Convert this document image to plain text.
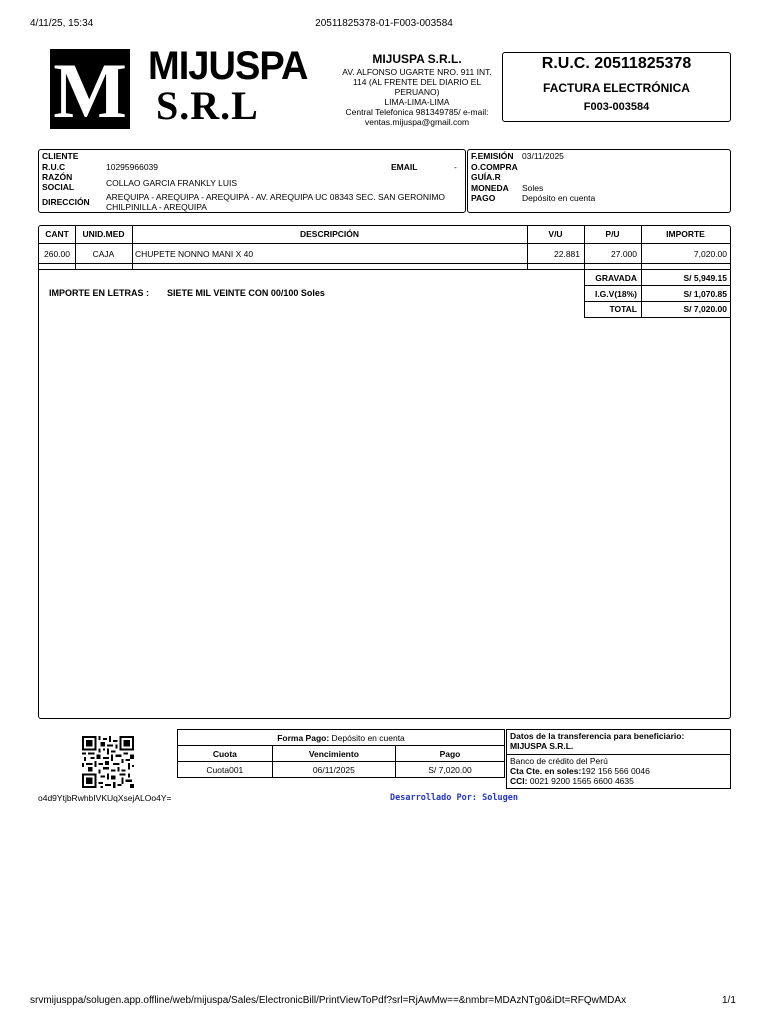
4/11/25, 15:34	20511825378-01-F003-003584
M MIJUSPA
S.R.L
MIJUSPA S.R.L.
AV. ALFONSO UGARTE NRO. 911 INT.
114 (AL FRENTE DEL DIARIO EL
PERUANO)
LIMA-LIMA-LIMA
Central Telefonica 981349785/ e-mail:
ventas.mijuspa@gmail.com
R.U.C. 20511825378
FACTURA ELECTRÓNICA
F003-003584
CLIENTE
R.U.C	10295966039	EMAIL	-
RAZÓN
SOCIAL	COLLAO GARCIA FRANKLY LUIS
DIRECCIÓN AREQUIPA - AREQUIPA - AREQUIPA - AV. AREQUIPA UC 08343 SEC. SAN GERONIMO
CHILPINILLA - AREQUIPA
F.EMISIÓN 03/11/2025
O.COMPRA
GUÍA.R
MONEDA Soles
PAGO	Depósito en cuenta
CANT	UNID.MED	DESCRIPCIÓN	V/U	P/U	IMPORTE
260.00	CAJA	CHUPETE NONNO MANI X 40	22.881	27.000	7,020.00
GRAVADA	S/ 5,949.15
I.G.V(18%)	S/ 1,070.85
TOTAL	S/ 7,020.00
IMPORTE EN LETRAS : SIETE MIL VEINTE CON 00/100 Soles
o4d9YtjbRwhbIVKUqXsejALOo4Y=
Forma Pago: Depósito en cuenta		
Cuota	Vencimiento	Pago
Cuota001	06/11/2025	S/ 7,020.00
Datos de la transferencia para beneficiario:
MIJUSPA S.R.L.
Banco de crédito del Perú
Cta Cte. en soles:192 156 566 0046
CCI: 0021 9200 1565 6600 4635
Desarrollado Por: Solugen
srvmijusppa/solugen.app.offline/web/mijuspa/Sales/ElectronicBill/PrintViewToPdf?srl=RjAwMw==&nmbr=MDAzNTg0&iDt=RFQwMDAx	1/1
